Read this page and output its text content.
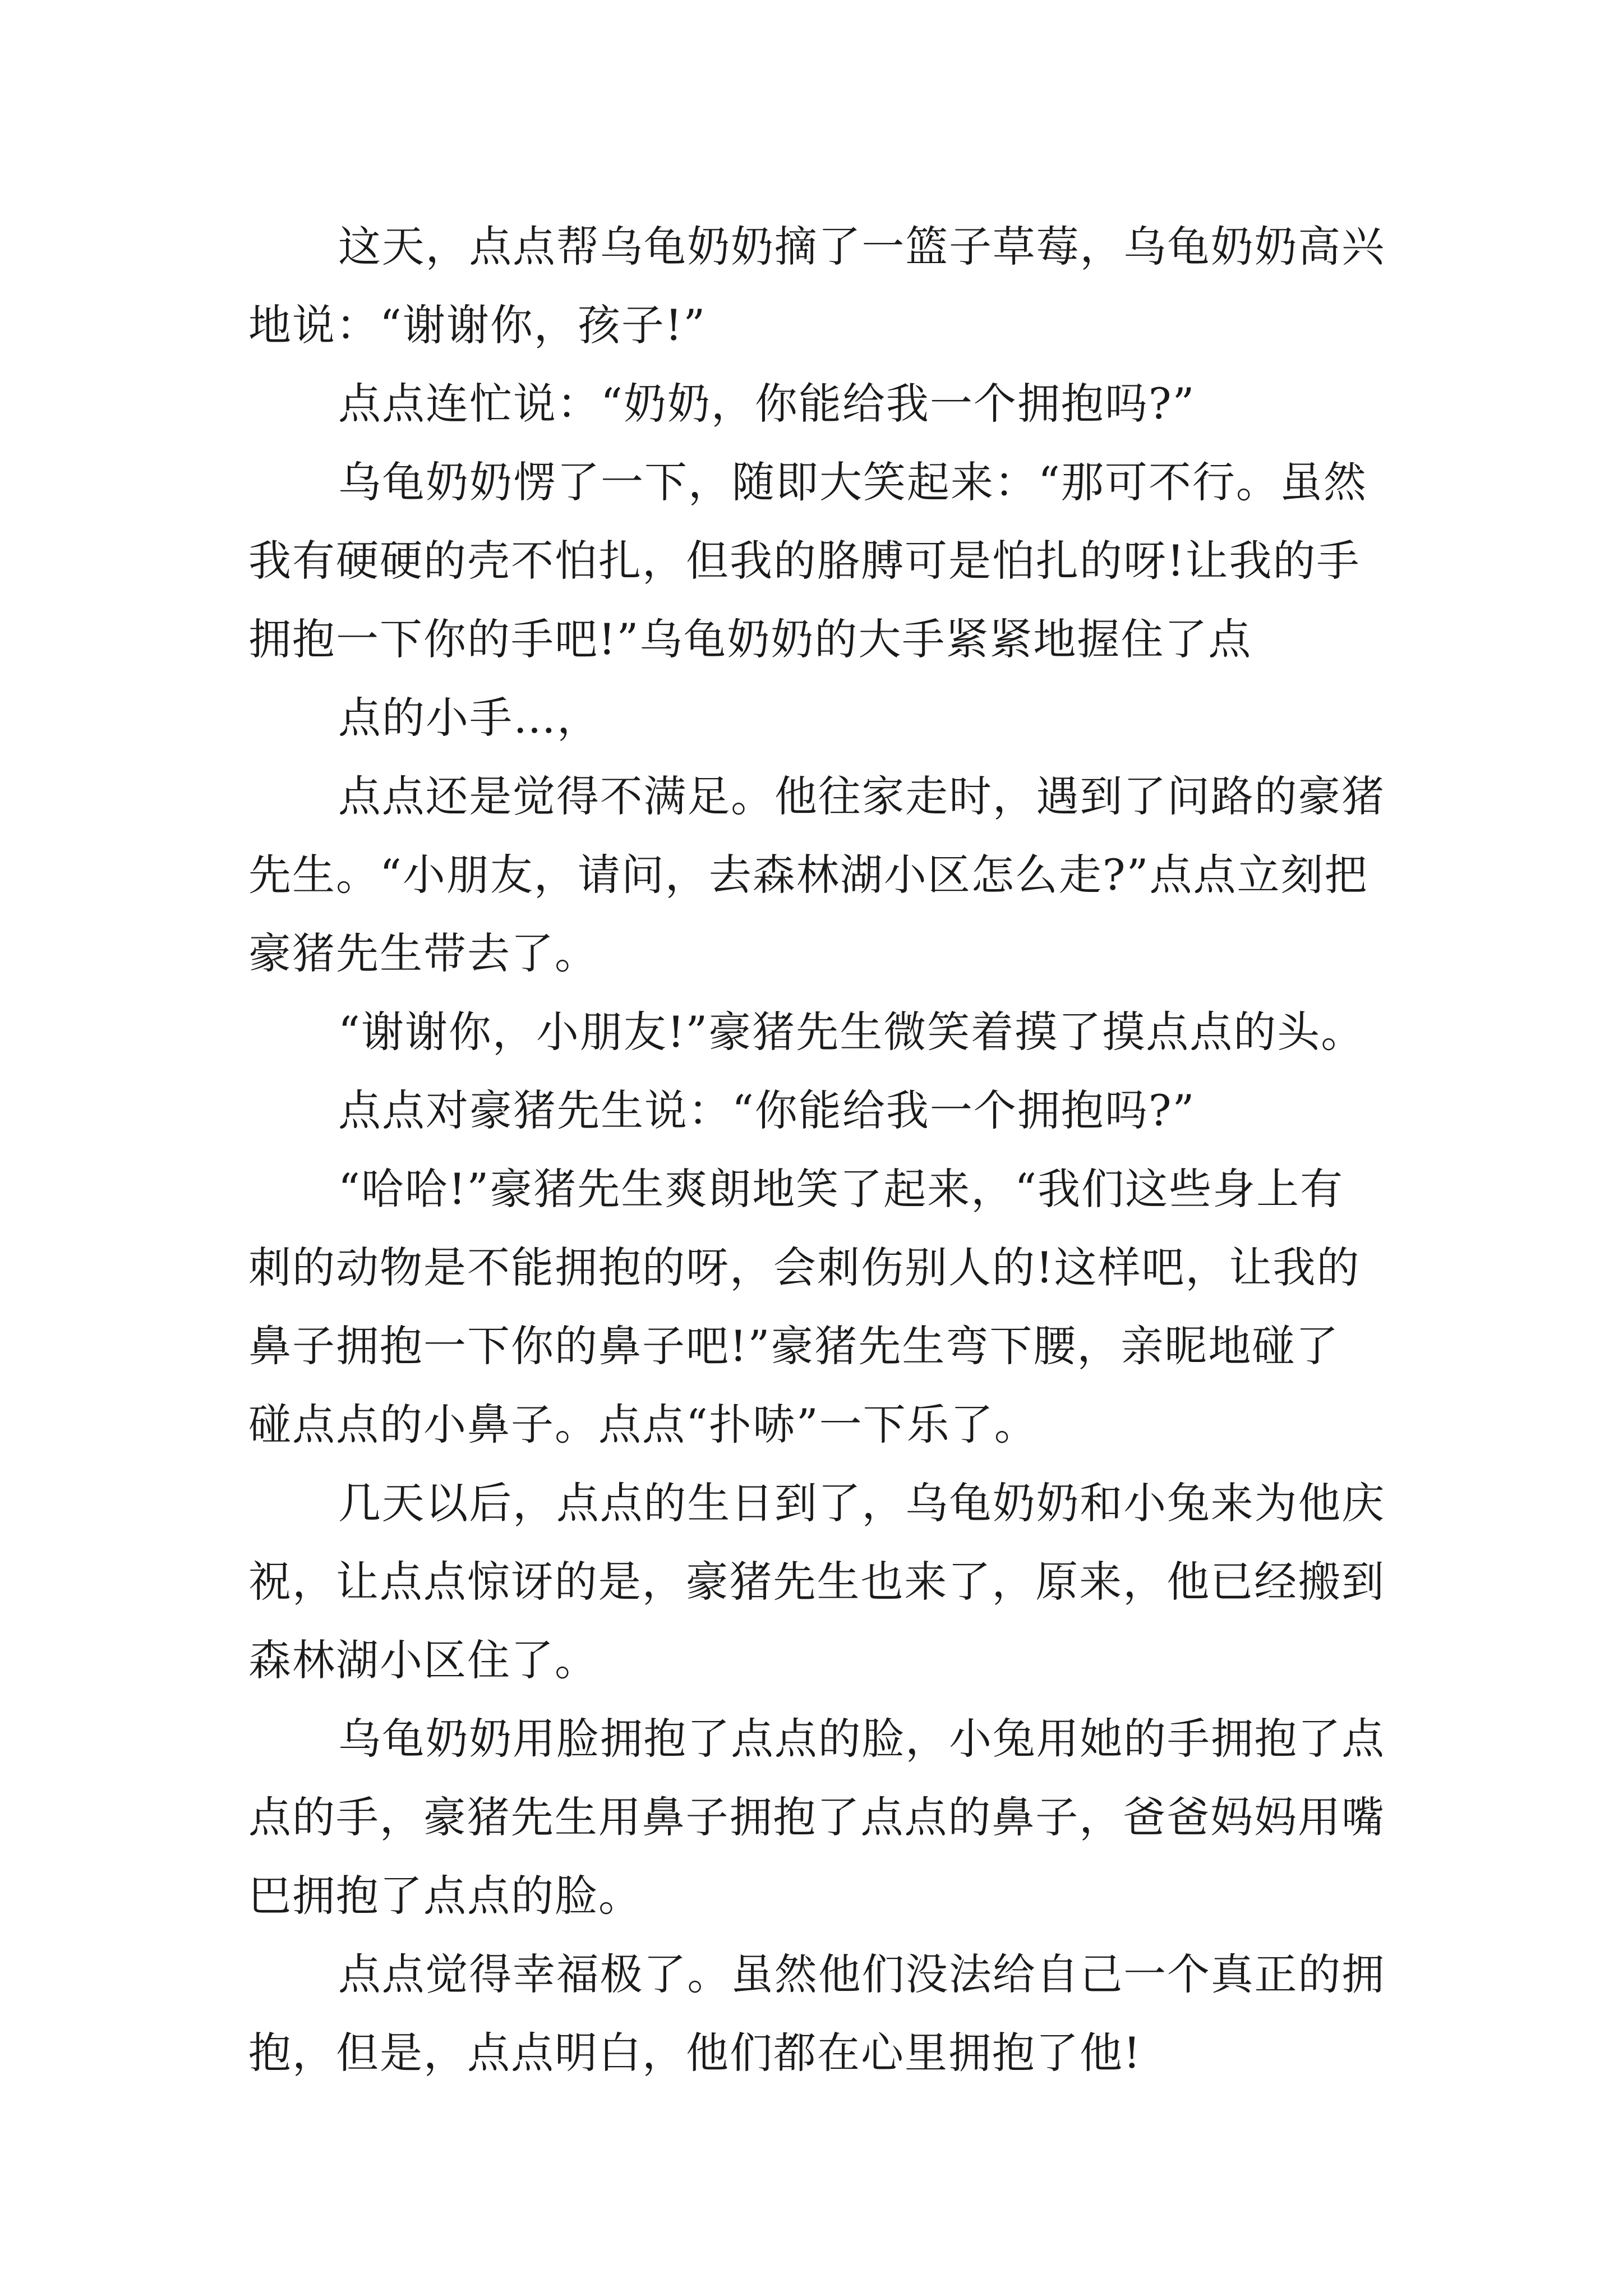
这天，点点帮乌龟奶奶摘了一篮子草莓，乌龟奶奶高兴
地说：“谢谢你，孩子!”
点点连忙说：“奶奶，你能给我一个拥抱吗?”
乌龟奶奶愣了一下，随即大笑起来：“那可不行。虽然
我有硬硬的壳不怕扎，但我的胳膊可是怕扎的呀!让我的手
拥抱一下你的手吧!”乌龟奶奶的大手紧紧地握住了点
点的小手…，
点点还是觉得不满足。他往家走时，遇到了问路的豪猪
先生。“小朋友，请问，去森林湖小区怎么走?”点点立刻把
豪猪先生带去了。
“谢谢你，小朋友!”豪猪先生微笑着摸了摸点点的头。
点点对豪猪先生说：“你能给我一个拥抱吗?”
“哈哈!”豪猪先生爽朗地笑了起来，“我们这些身上有
刺的动物是不能拥抱的呀，会刺伤别人的!这样吧，让我的
鼻子拥抱一下你的鼻子吧!”豪猪先生弯下腰，亲昵地碰了
碰点点的小鼻子。点点“扑哧”一下乐了。
几天以后，点点的生日到了，乌龟奶奶和小兔来为他庆
祝，让点点惊讶的是，豪猪先生也来了，原来，他已经搬到
森林湖小区住了。
乌龟奶奶用脸拥抱了点点的脸，小兔用她的手拥抱了点
点的手，豪猪先生用鼻子拥抱了点点的鼻子，爸爸妈妈用嘴
巴拥抱了点点的脸。
点点觉得幸福极了。虽然他们没法给自己一个真正的拥
抱，但是，点点明白，他们都在心里拥抱了他!
